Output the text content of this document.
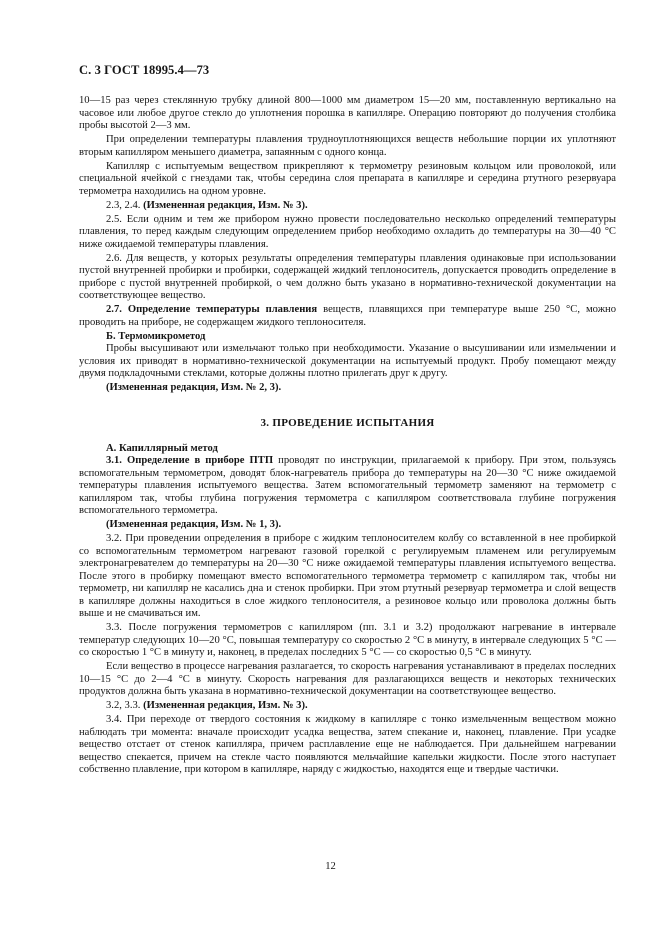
С. 3 ГОСТ 18995.4—73

10—15 раз через стеклянную трубку длиной 800—1000 мм диаметром 15—20 мм, поставленную вертикально на часовое или любое другое стекло до уплотнения порошка в капилляре. Операцию повторяют до получения столбика пробы высотой 2—3 мм.

При определении температуры плавления трудноуплотняющихся веществ небольшие порции их уплотняют вторым капилляром меньшего диаметра, запаянным с одного конца.

Капилляр с испытуемым веществом прикрепляют к термометру резиновым кольцом или проволокой, или специальной ячейкой с гнездами так, чтобы середина слоя препарата в капилляре и середина ртутного резервуара термометра находились на одном уровне.

2.3, 2.4. (Измененная редакция, Изм. № 3).

2.5. Если одним и тем же прибором нужно провести последовательно несколько определений температуры плавления, то перед каждым следующим определением прибор необходимо охладить до температуры на 30—40 °С ниже ожидаемой температуры плавления.

2.6. Для веществ, у которых результаты определения температуры плавления одинаковые при использовании пустой внутренней пробирки и пробирки, содержащей жидкий теплоноситель, допускается проводить определение в приборе с пустой внутренней пробиркой, о чем должно быть указано в нормативно-технической документации на соответствующее вещество.

2.7. Определение температуры плавления веществ, плавящихся при температуре выше 250 °С, можно проводить на приборе, не содержащем жидкого теплоносителя.

Б. Термомикрометод

Пробы высушивают или измельчают только при необходимости. Указание о высушивании или измельчении и условия их приводят в нормативно-технической документации на испытуемый продукт. Пробу помещают между двумя подкладочными стеклами, которые должны плотно прилегать друг к другу.

(Измененная редакция, Изм. № 2, 3).

3. ПРОВЕДЕНИЕ ИСПЫТАНИЯ

А. Капиллярный метод

3.1. Определение в приборе ПТП проводят по инструкции, прилагаемой к прибору. При этом, пользуясь вспомогательным термометром, доводят блок-нагреватель прибора до температуры на 20—30 °С ниже ожидаемой температуры плавления испытуемого вещества. Затем вспомогательный термометр заменяют на термометр с капилляром так, чтобы глубина погружения термометра с капилляром соответствовала глубине погружения вспомогательного термометра.

(Измененная редакция, Изм. № 1, 3).

3.2. При проведении определения в приборе с жидким теплоносителем колбу со вставленной в нее пробиркой со вспомогательным термометром нагревают газовой горелкой с регулируемым пламенем или регулируемым электронагревателем до температуры на 20—30 °С ниже ожидаемой температуры плавления испытуемого вещества. После этого в пробирку помещают вместо вспомогательного термометра термометр с капилляром так, чтобы ни термометр, ни капилляр не касались дна и стенок пробирки. При этом ртутный резервуар термометра и слой веществ в капилляре должны находиться в слое жидкого теплоносителя, а резиновое кольцо или проволока должны быть выше и не смачиваться им.

3.3. После погружения термометров с капилляром (пп. 3.1 и 3.2) продолжают нагревание в интервале температур следующих 10—20 °С, повышая температуру со скоростью 2 °С в минуту, в интервале следующих 5 °С — со скоростью 1 °С в минуту и, наконец, в пределах последних 5 °С — со скоростью 0,5 °С в минуту.

Если вещество в процессе нагревания разлагается, то скорость нагревания устанавливают в пределах последних 10—15 °С до 2—4 °С в минуту. Скорость нагревания для разлагающихся веществ и некоторых технических продуктов должна быть указана в нормативно-технической документации на соответствующее вещество.

3.2, 3.3. (Измененная редакция, Изм. № 3).

3.4. При переходе от твердого состояния к жидкому в капилляре с тонко измельченным веществом можно наблюдать три момента: вначале происходит усадка вещества, затем спекание и, наконец, плавление. При усадке вещество отстает от стенок капилляра, причем расплавление еще не наблюдается. При дальнейшем нагревании вещество спекается, причем на стекле часто появляются мельчайшие капельки жидкости. После этого наступает собственно плавление, при котором в капилляре, наряду с жидкостью, находятся еще и твердые частички.

12
